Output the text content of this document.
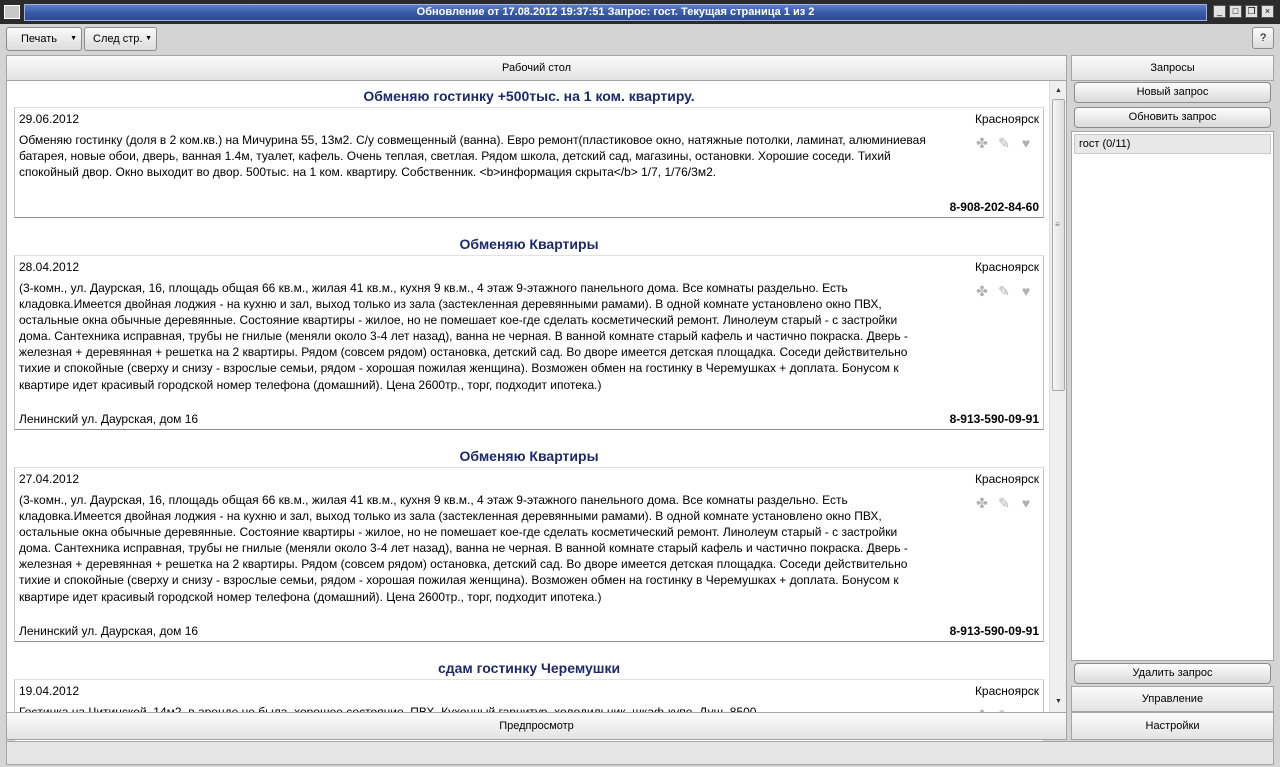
Обновление от 17.08.2012 19:37:51 Запрос: гост. Текущая страница 1 из 2	_	□	❐	×
Печать ▼	След стр. ▼	?
Рабочий стол
Обменяю гостинку +500тыс. на 1 ком. квартиру.
29.06.2012	Красноярск
Обменяю гостинку (доля в 2 ком.кв.) на Мичурина 55, 13м2. С/у совмещенный (ванна). Евро ремонт(пластиковое окно, натяжные потолки, ламинат, алюминиевая батарея, новые обои, дверь, ванная 1.4м, туалет, кафель. Очень теплая, светлая. Рядом школа, детский сад, магазины, остановки. Хорошие соседи. Тихий спокойный двор. Окно выходит во двор. 500тыс. на 1 ком. квартиру. Собственник. <b>информация скрыта</b> 1/7, 1/76/3м2.
✤ ✎ ♥
8-908-202-84-60
Обменяю Квартиры
28.04.2012	Красноярск
(3-комн., ул. Даурская, 16, площадь общая 66 кв.м., жилая 41 кв.м., кухня 9 кв.м., 4 этаж 9-этажного панельного дома. Все комнаты раздельно. Есть кладовка.Имеется двойная лоджия - на кухню и зал, выход только из зала (застекленная деревянными рамами). В одной комнате установлено окно ПВХ, остальные окна обычные деревянные. Состояние квартиры - жилое, но не помешает кое-где сделать косметический ремонт. Линолеум старый - с застройки дома. Сантехника исправная, трубы не гнилые (меняли около 3-4 лет назад), ванна не черная. В ванной комнате старый кафель и частично покраска. Дверь - железная + деревянная + решетка на 2 квартиры. Рядом (совсем рядом) остановка, детский сад. Во дворе имеется детская площадка. Соседи действительно тихие и спокойные (сверху и снизу - взрослые семьи, рядом - хорошая пожилая женщина). Возможен обмен на гостинку в Черемушках + доплата. Бонусом к квартире идет красивый городской номер телефона (домашний). Цена 2600тр., торг, подходит ипотека.)
✤ ✎ ♥
Ленинский ул. Даурская, дом 16	8-913-590-09-91
Обменяю Квартиры
27.04.2012	Красноярск
(3-комн., ул. Даурская, 16, площадь общая 66 кв.м., жилая 41 кв.м., кухня 9 кв.м., 4 этаж 9-этажного панельного дома. Все комнаты раздельно. Есть кладовка.Имеется двойная лоджия - на кухню и зал, выход только из зала (застекленная деревянными рамами). В одной комнате установлено окно ПВХ, остальные окна обычные деревянные. Состояние квартиры - жилое, но не помешает кое-где сделать косметический ремонт. Линолеум старый - с застройки дома. Сантехника исправная, трубы не гнилые (меняли около 3-4 лет назад), ванна не черная. В ванной комнате старый кафель и частично покраска. Дверь - железная + деревянная + решетка на 2 квартиры. Рядом (совсем рядом) остановка, детский сад. Во дворе имеется детская площадка. Соседи действительно тихие и спокойные (сверху и снизу - взрослые семьи, рядом - хорошая пожилая женщина). Возможен обмен на гостинку в Черемушках + доплата. Бонусом к квартире идет красивый городской номер телефона (домашний). Цена 2600тр., торг, подходит ипотека.)
✤ ✎ ♥
Ленинский ул. Даурская, дом 16	8-913-590-09-91
сдам гостинку Черемушки
19.04.2012	Красноярск
▲
≡
▼
Предпросмотр
Запросы
Новый запрос
Обновить запрос
гост (0/11)
Удалить запрос
Управление
Настройки
